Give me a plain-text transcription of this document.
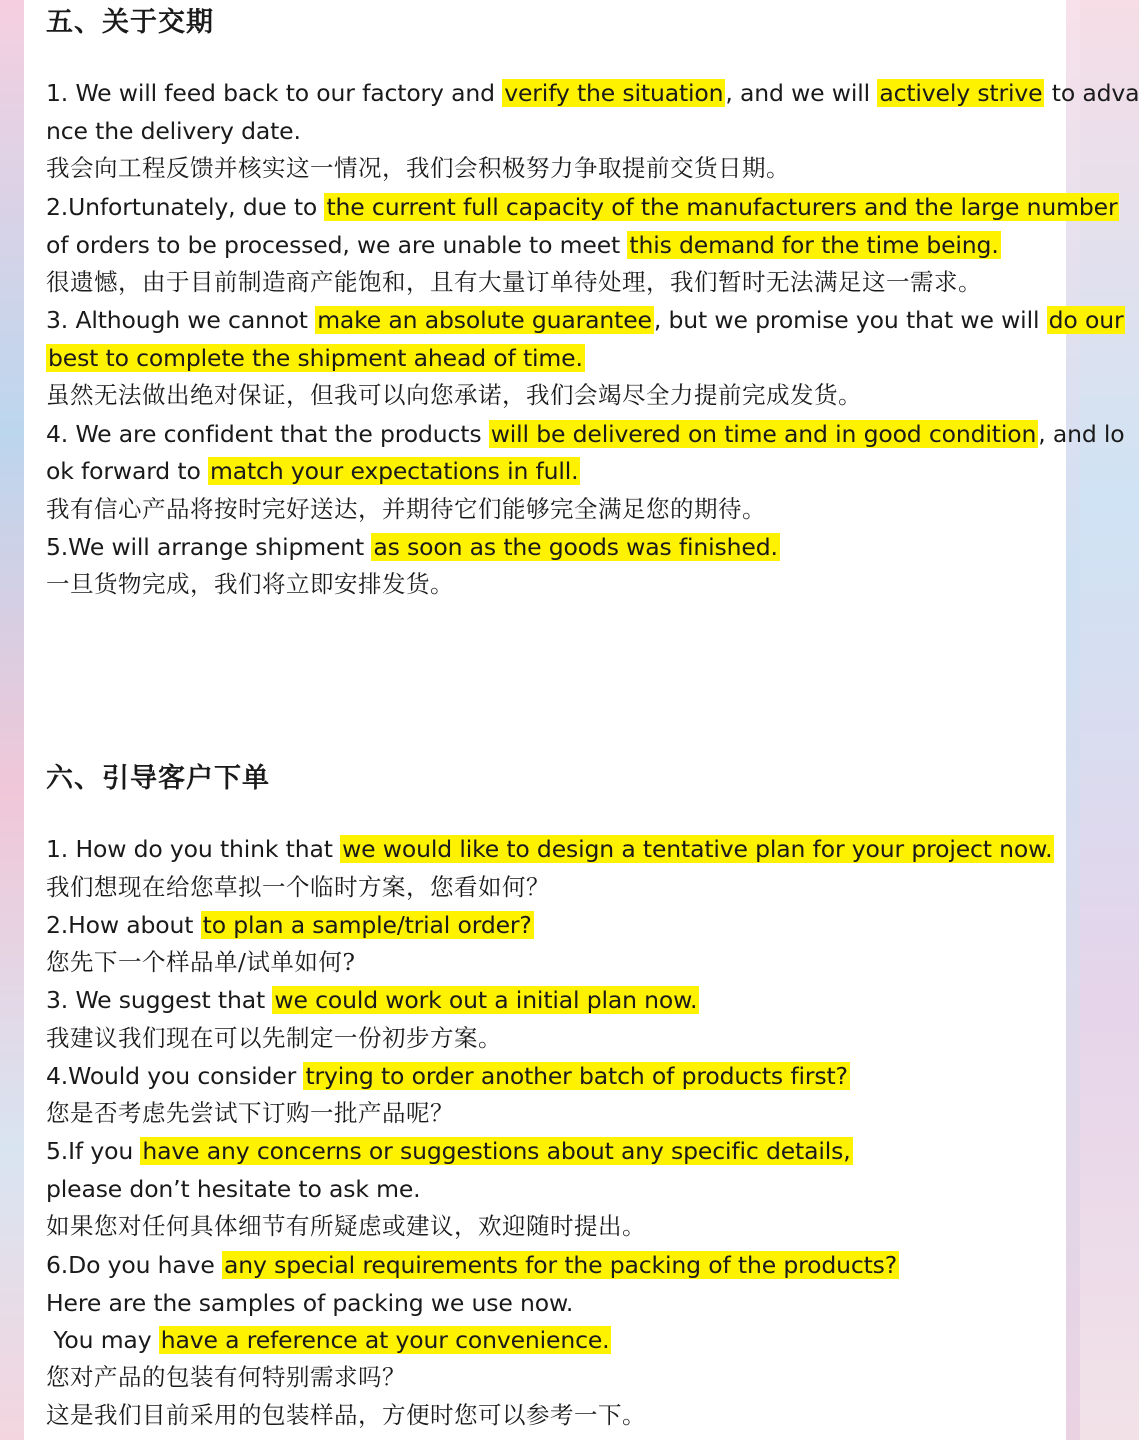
五、关于交期
1. We will feed back to our factory and verify the situation, and we will actively strive to adva
nce the delivery date.
我会向工程反馈并核实这一情况，我们会积极努力争取提前交货日期。
2.Unfortunately, due to the current full capacity of the manufacturers and the large number
of orders to be processed, we are unable to meet this demand for the time being.
很遗憾，由于目前制造商产能饱和，且有大量订单待处理，我们暂时无法满足这一需求。
3. Although we cannot make an absolute guarantee, but we promise you that we will do our
best to complete the shipment ahead of time.
虽然无法做出绝对保证，但我可以向您承诺，我们会竭尽全力提前完成发货。
4. We are confident that the products will be delivered on time and in good condition, and lo
ok forward to match your expectations in full.
我有信心产品将按时完好送达，并期待它们能够完全满足您的期待。
5.We will arrange shipment as soon as the goods was finished.
一旦货物完成，我们将立即安排发货。
六、引导客户下单
1. How do you think that we would like to design a tentative plan for your project now.
我们想现在给您草拟一个临时方案，您看如何？
2.How about to plan a sample/trial order?
您先下一个样品单/试单如何?
3. We suggest that we could work out a initial plan now.
我建议我们现在可以先制定一份初步方案。
4.Would you consider trying to order another batch of products first?
您是否考虑先尝试下订购一批产品呢？
5.If you have any concerns or suggestions about any specific details,
please don’t hesitate to ask me.
如果您对任何具体细节有所疑虑或建议，欢迎随时提出。
6.Do you have any special requirements for the packing of the products?
Here are the samples of packing we use now.
You may have a reference at your convenience.
您对产品的包装有何特别需求吗？
这是我们目前采用的包装样品，方便时您可以参考一下。
